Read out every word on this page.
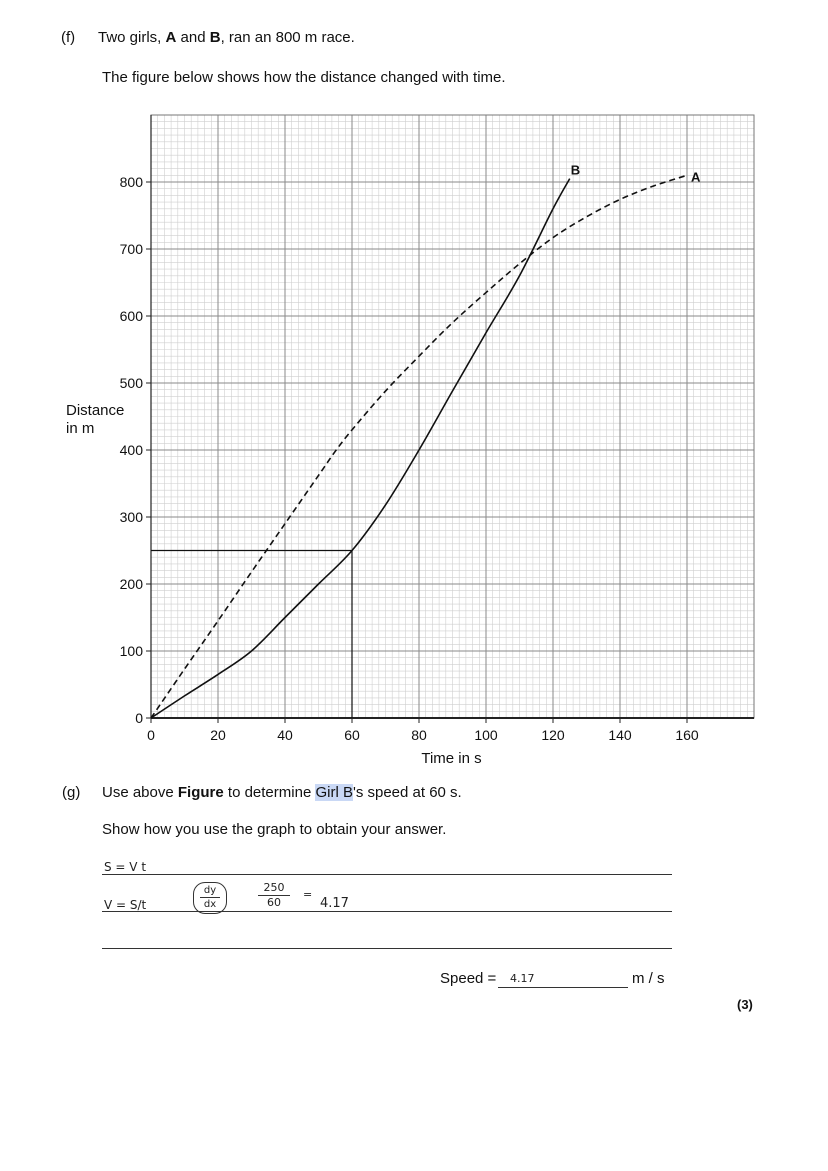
(f) Two girls, A and B, ran an 800 m race.
The figure below shows how the distance changed with time.
0	20	40	60	80	100	120	140	160
0
100
200
300
400
500
600
700
800
Time in s
Distance
in m
A
B
(g) Use above Figure to determine Girl B's speed at 60 s.
Show how you use the graph to obtain your answer.
S = V t
V = S/t
dy
dx	$\frac{250}{60}$ =
4.17
Speed = 4.17	m / s
(3)
